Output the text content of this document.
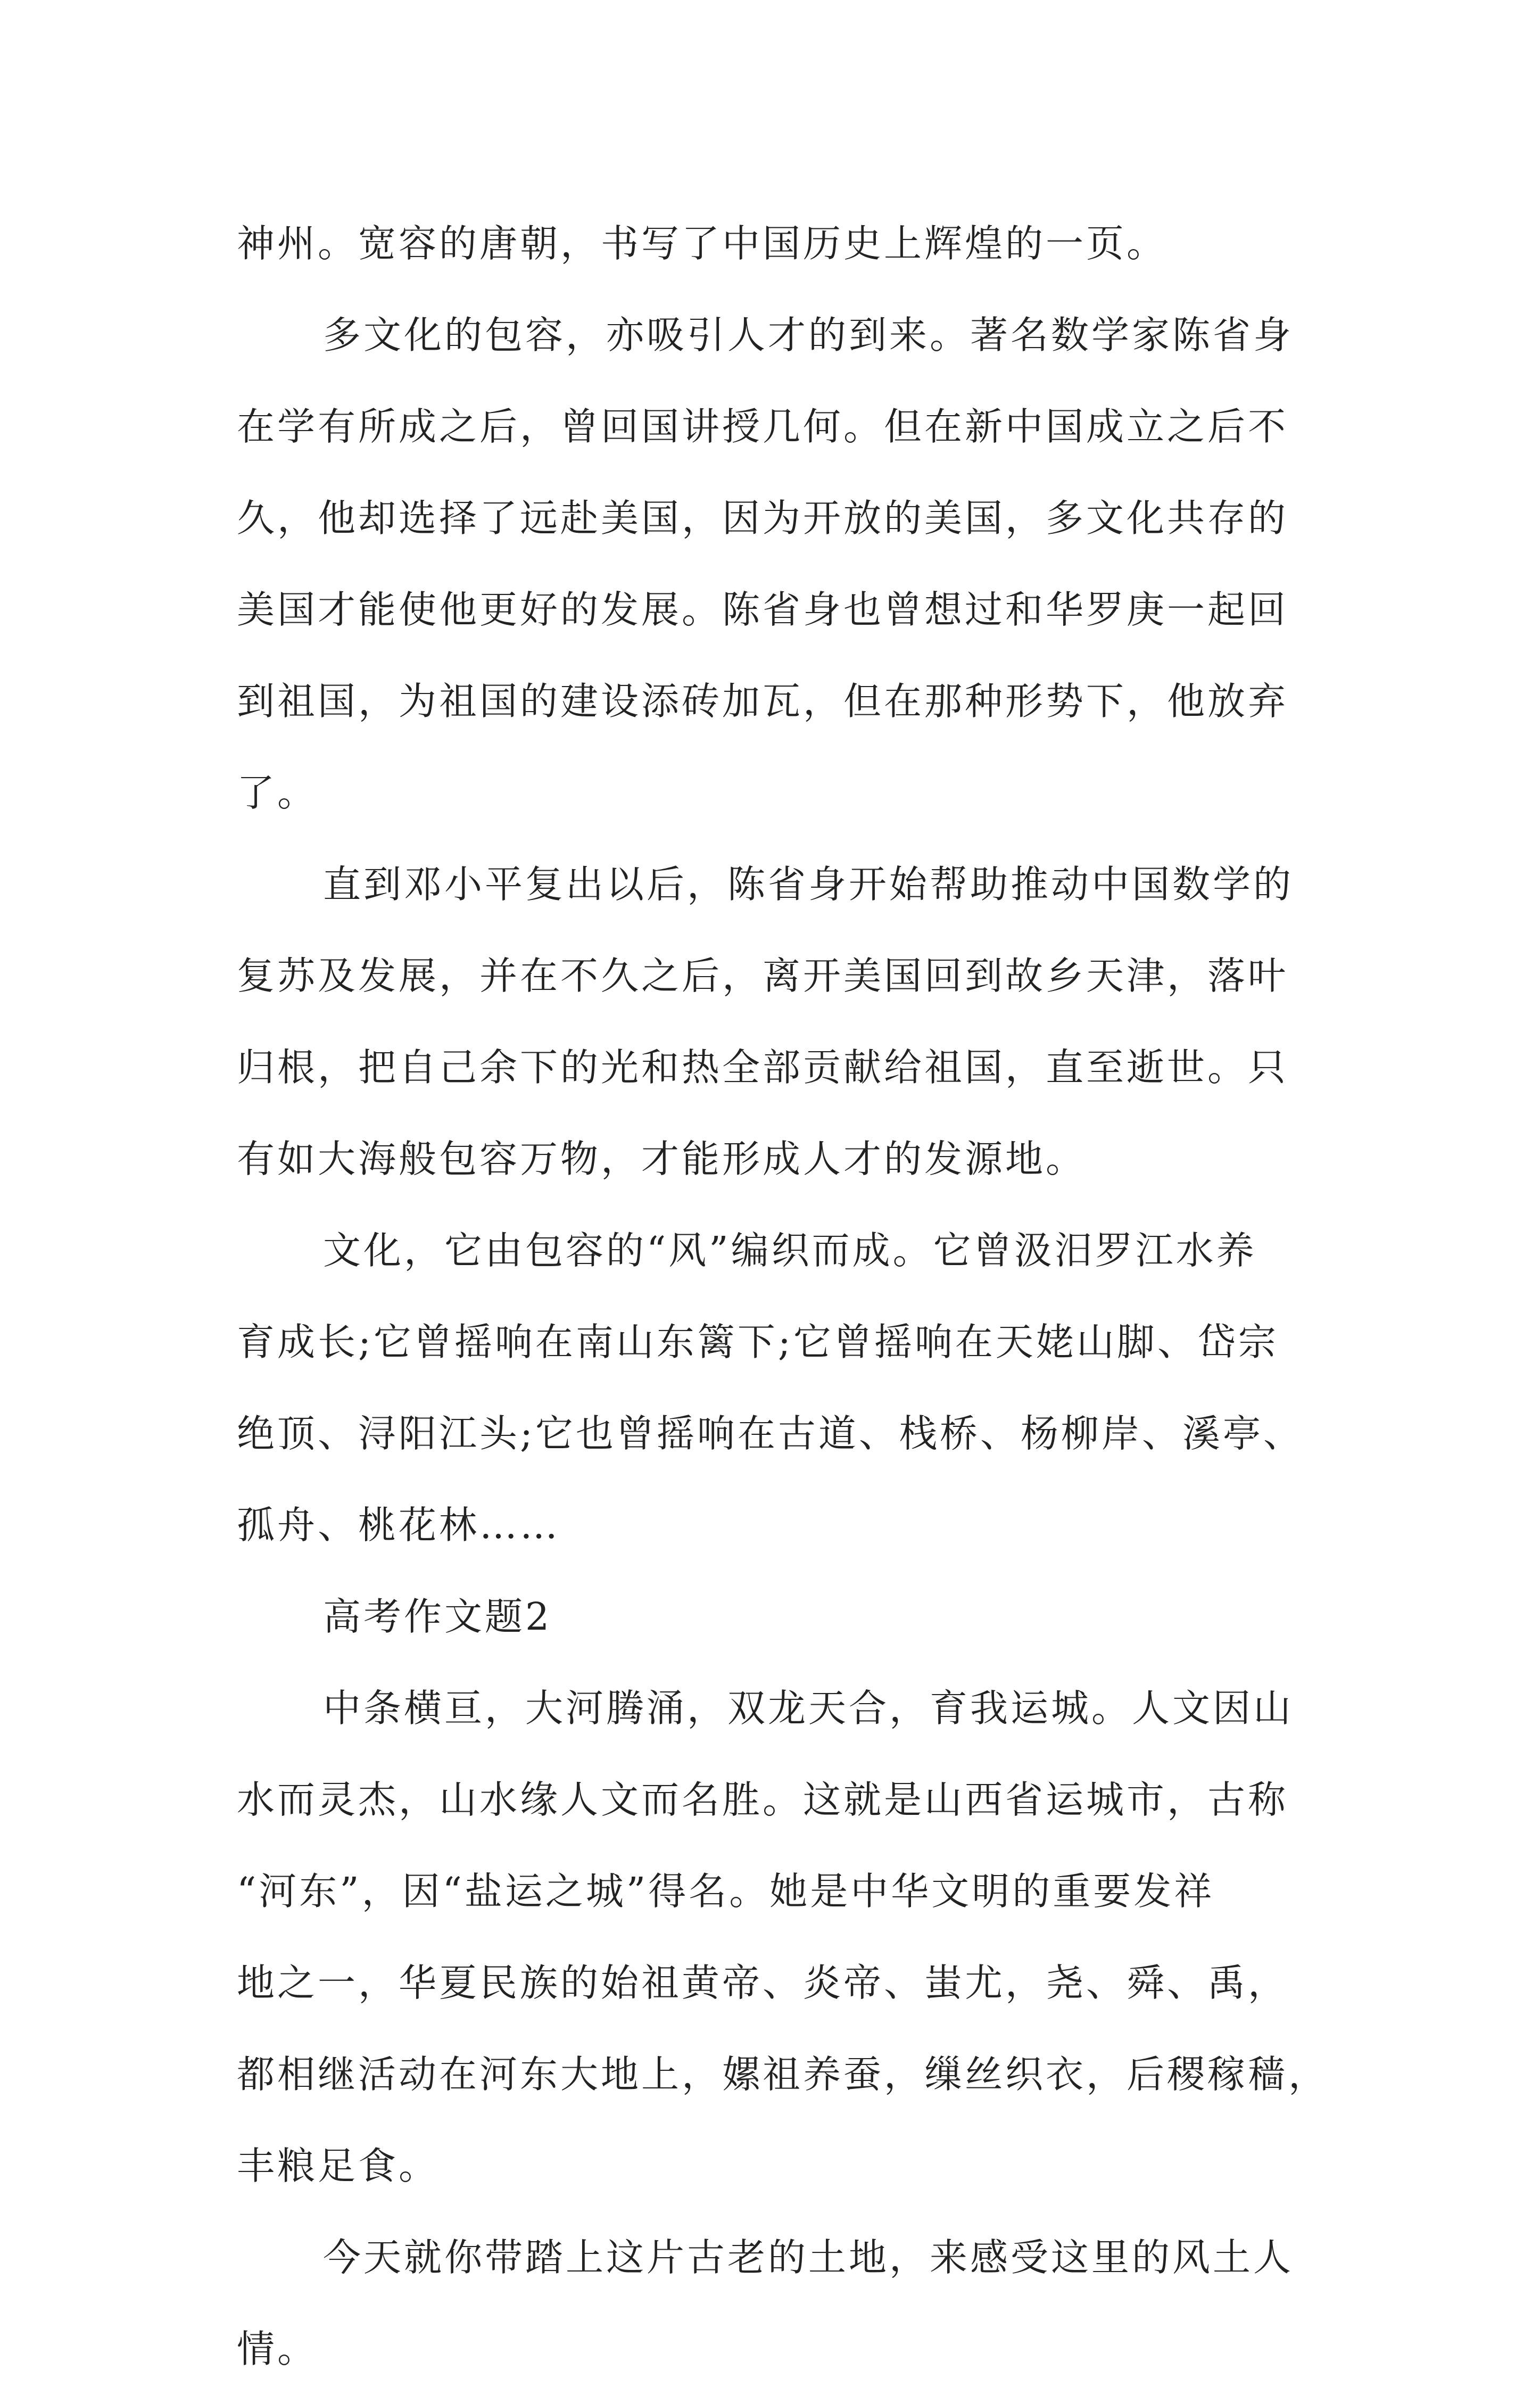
神州。宽容的唐朝，书写了中国历史上辉煌的一页。
多文化的包容，亦吸引人才的到来。著名数学家陈省身
在学有所成之后，曾回国讲授几何。但在新中国成立之后不
久，他却选择了远赴美国，因为开放的美国，多文化共存的
美国才能使他更好的发展。陈省身也曾想过和华罗庚一起回
到祖国，为祖国的建设添砖加瓦，但在那种形势下，他放弃
了。
直到邓小平复出以后，陈省身开始帮助推动中国数学的
复苏及发展，并在不久之后，离开美国回到故乡天津，落叶
归根，把自己余下的光和热全部贡献给祖国，直至逝世。只
有如大海般包容万物，才能形成人才的发源地。
文化，它由包容的“风”编织而成。它曾汲汨罗江水养
育成长;它曾摇响在南山东篱下;它曾摇响在天姥山脚、岱宗
绝顶、浔阳江头;它也曾摇响在古道、栈桥、杨柳岸、溪亭、
孤舟、桃花林……
高考作文题2
中条横亘，大河腾涌，双龙天合，育我运城。人文因山
水而灵杰，山水缘人文而名胜。这就是山西省运城市，古称
“河东”，因“盐运之城”得名。她是中华文明的重要发祥
地之一，华夏民族的始祖黄帝、炎帝、蚩尤，尧、舜、禹，
都相继活动在河东大地上，嫘祖养蚕，缫丝织衣，后稷稼穑，
丰粮足食。
今天就你带踏上这片古老的土地，来感受这里的风土人
情。
